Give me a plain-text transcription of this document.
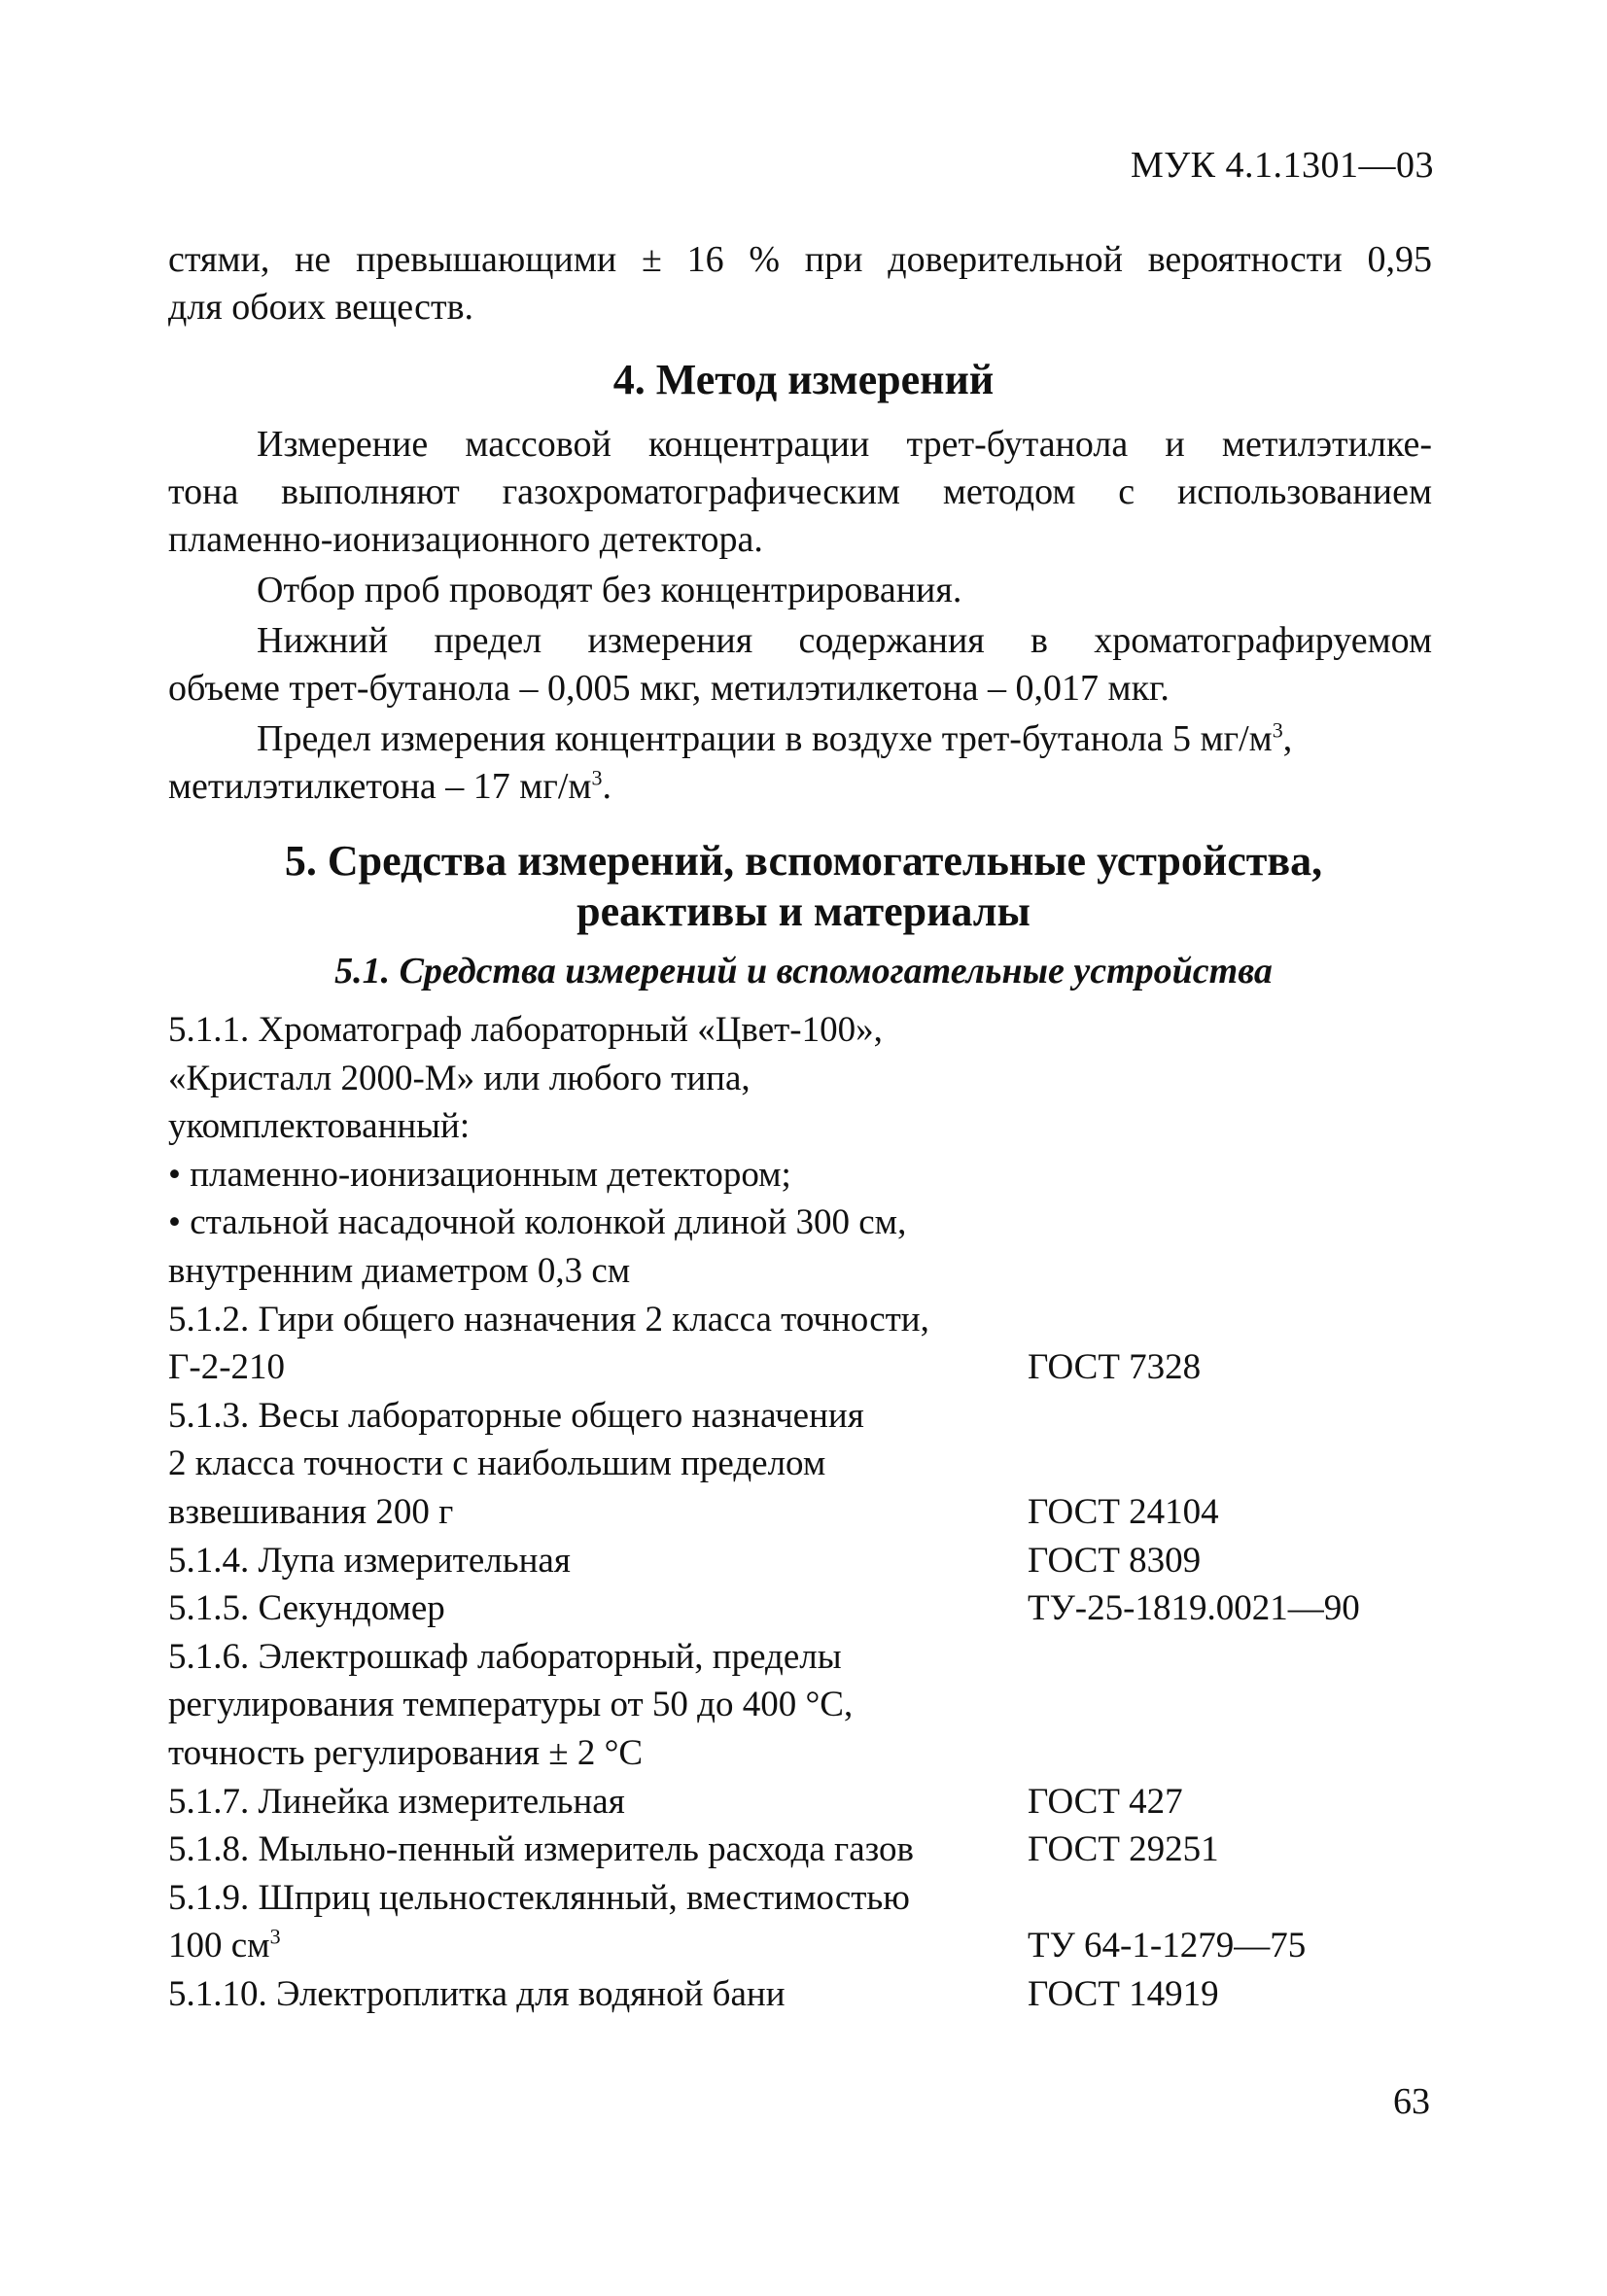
МУК 4.1.1301—03
стями, не превышающими ± 16 % при доверительной вероятности 0,95
для обоих веществ.
4. Метод измерений
Измерение массовой концентрации трет-бутанола и метилэтилке-
тона выполняют газохроматографическим методом с использованием
пламенно-ионизационного детектора.
Отбор проб проводят без концентрирования.
Нижний предел измерения содержания в хроматографируемом
объеме трет-бутанола – 0,005 мкг, метилэтилкетона – 0,017 мкг.
Предел измерения концентрации в воздухе трет-бутанола 5 $мг/м^3$,
метилэтилкетона – 17 $мг/м^3$.
5. Средства измерений, вспомогательные устройства,
реактивы и материалы
5.1. Средства измерений и вспомогательные устройства
5.1.1. Хроматограф лабораторный «Цвет-100»,
«Кристалл 2000-М» или любого типа,
укомплектованный:
• пламенно-ионизационным детектором;
• стальной насадочной колонкой длиной 300 см,
внутренним диаметром 0,3 см
5.1.2. Гири общего назначения 2 класса точности,
Г-2-210	ГОСТ 7328
5.1.3. Весы лабораторные общего назначения
2 класса точности с наибольшим пределом
взвешивания 200 г	ГОСТ 24104
5.1.4. Лупа измерительная	ГОСТ 8309
5.1.5. Секундомер	ТУ-25-1819.0021—90
5.1.6. Электрошкаф лабораторный, пределы
регулирования температуры от 50 до 400 °С,
точность регулирования ± 2 °С
5.1.7. Линейка измерительная	ГОСТ 427
5.1.8. Мыльно-пенный измеритель расхода газов	ГОСТ 29251
5.1.9. Шприц цельностеклянный, вместимостью
100 $см^3$	ТУ 64-1-1279—75
5.1.10. Электроплитка для водяной бани	ГОСТ 14919
63
